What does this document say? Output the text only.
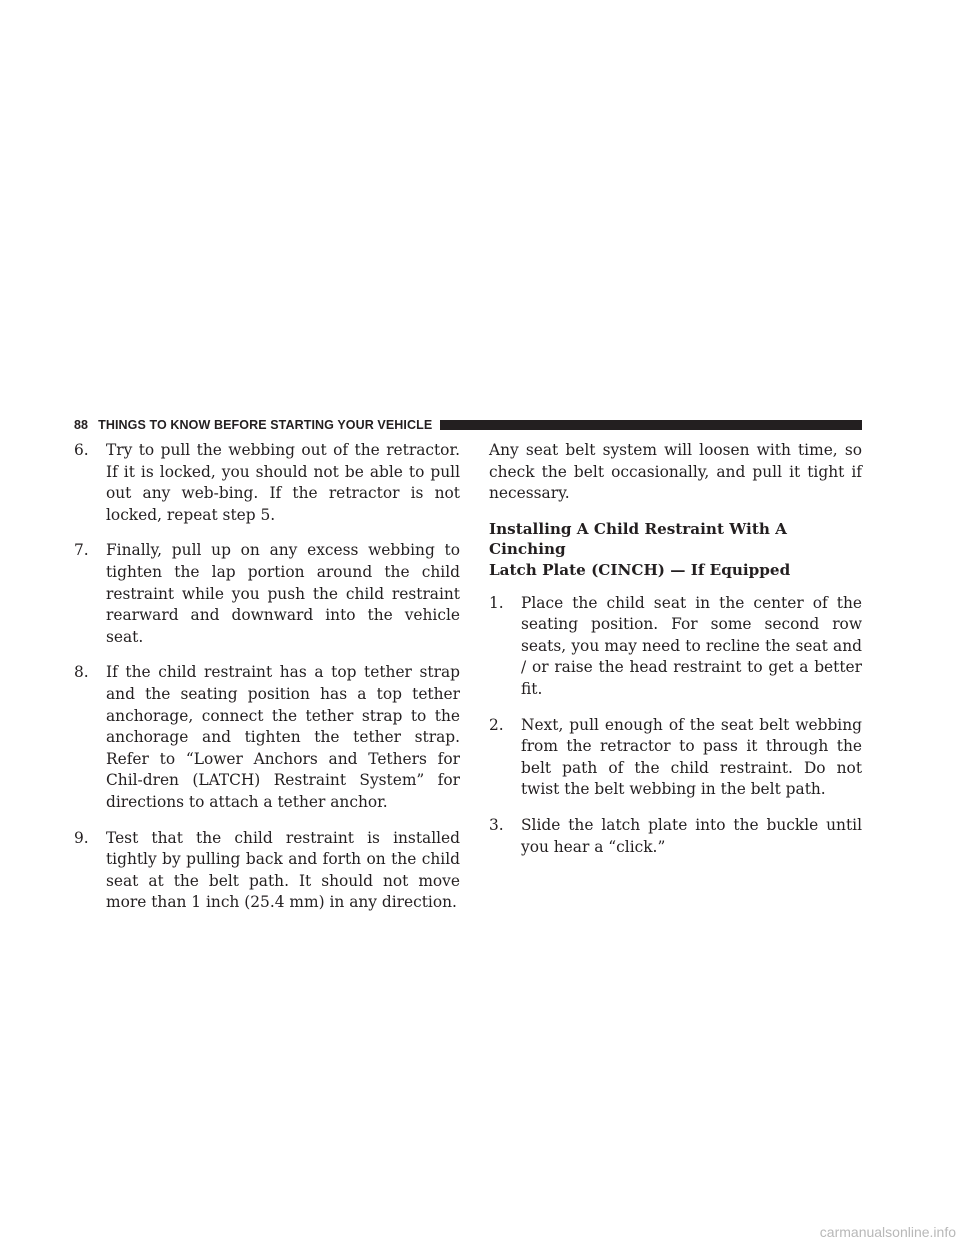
88 THINGS TO KNOW BEFORE STARTING YOUR VEHICLE

6. Try to pull the webbing out of the retractor. If it is locked, you should not be able to pull out any web-bing. If the retractor is not locked, repeat step 5.

7. Finally, pull up on any excess webbing to tighten the lap portion around the child restraint while you push the child restraint rearward and downward into the vehicle seat.

8. If the child restraint has a top tether strap and the seating position has a top tether anchorage, connect the tether strap to the anchorage and tighten the tether strap. Refer to “Lower Anchors and Tethers for Chil-dren (LATCH) Restraint System” for directions to attach a tether anchor.

9. Test that the child restraint is installed tightly by pulling back and forth on the child seat at the belt path. It should not move more than 1 inch (25.4 mm) in any direction.

Any seat belt system will loosen with time, so check the belt occasionally, and pull it tight if necessary.

Installing A Child Restraint With A Cinching
Latch Plate (CINCH) — If Equipped

1. Place the child seat in the center of the seating position. For some second row seats, you may need to recline the seat and / or raise the head restraint to get a better fit.

2. Next, pull enough of the seat belt webbing from the retractor to pass it through the belt path of the child restraint. Do not twist the belt webbing in the belt path.

3. Slide the latch plate into the buckle until you hear a “click.”

carmanualsonline.info
